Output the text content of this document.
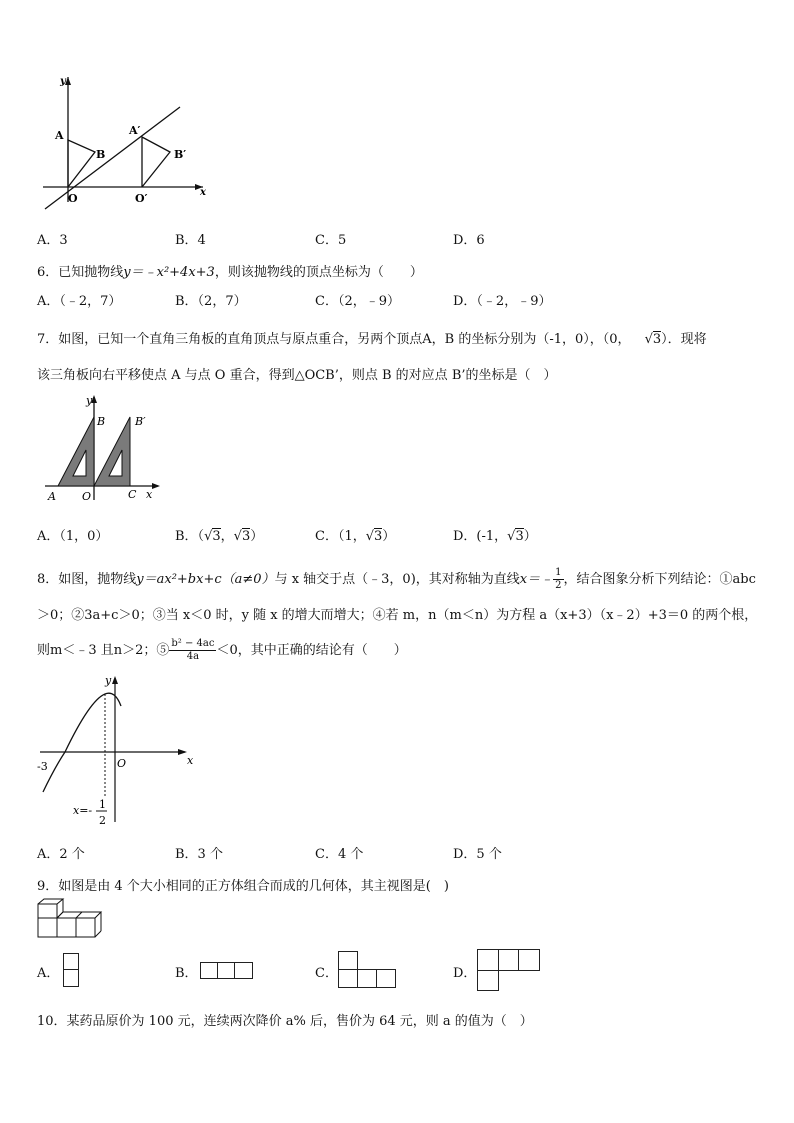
y
x
A
B
O
A′
B′
O′
A．3	B．4	C．5	D．6
6．已知抛物线y＝﹣x²+4x+3，则该抛物线的顶点坐标为（　　）
A．（﹣2，7）	B．（2，7）	C．（2，﹣9）	D．（﹣2，﹣9）
7．如图，已知一个直角三角板的直角顶点与原点重合，另两个顶点A，B 的坐标分别为（-1，0），（0， √3）．现将
该三角板向右平移使点 A 与点 O 重合，得到△OCB’，则点 B 的对应点 B’的坐标是（　）
y
x
A O	C
B	B′
A．（1，0）	B．（√3，√3）	C．（1，√3）	D．(-1，√3）
8．如图，抛物线y＝ax²+bx+c（a≠0）与 x 轴交于点（﹣3，0)，其对称轴为直线x＝﹣ $\frac{1}{2}$ ，结合图象分析下列结论：①abc
＞0；②3a+c＞0；③当 x＜0 时，y 随 x 的增大而增大；④若 m，n（m＜n）为方程 a（x+3）（x﹣2）+3＝0 的两个根，
则m＜﹣3 且n＞2；⑤ $\frac{\text{b² − 4ac}}{4a} <0$，其中正确的结论有（　　）
y
x
-3	O
x=- 1
2
A．2 个	B．3 个	C．4 个	D．5 个
9．如图是由 4 个大小相同的正方体组合而成的几何体，其主视图是(　)
A．	B．	C．	D．
10．某药品原价为 100 元，连续两次降价 a% 后，售价为 64 元，则 a 的值为（　）
